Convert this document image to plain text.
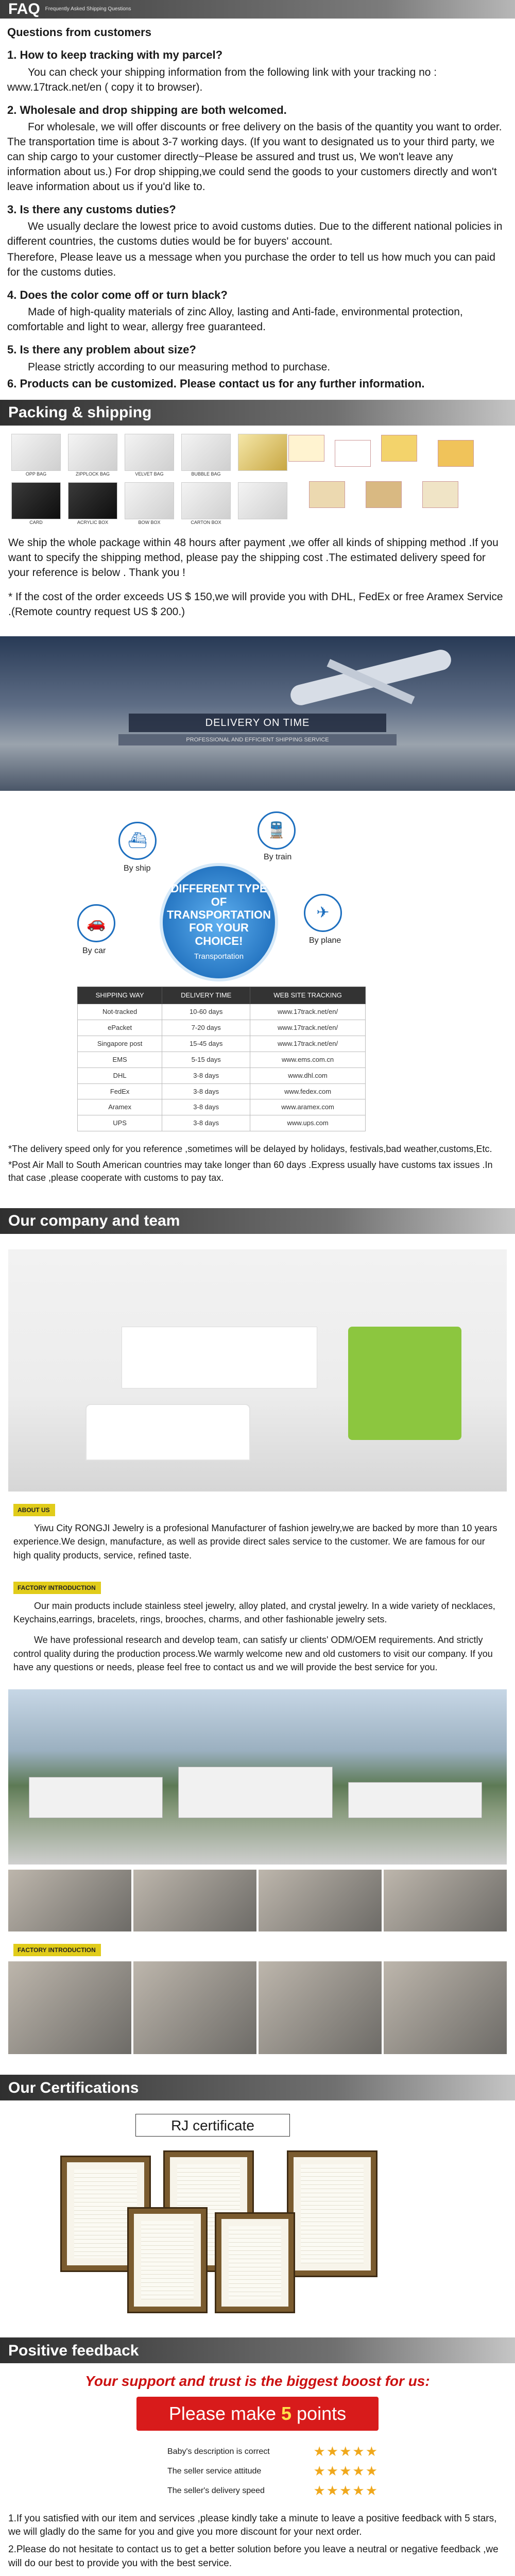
FAQ Frequently Asked Shipping Questions
Questions from customers
1. How to keep tracking with my parcel?

You can check your shipping information from the following link with your tracking no : www.17track.net/en ( copy it to browser).

2. Wholesale and drop shipping are both welcomed.

For wholesale, we will offer discounts or free delivery on the basis of the quantity you want to order. The transportation time is about 3-7 working days. (If you want to designated us to your third party, we can ship cargo to your customer directly~Please be assured and trust us, We won't leave any information about us.) For drop shipping,we could send the goods to your customers directly and won't leave information about us if you'd like to.

3. Is there any customs duties?

We usually declare the lowest price to avoid customs duties. Due to the different national policies in different countries, the customs duties would be for buyers' account.

Therefore, Please leave us a message when you purchase the order to tell us how much you can paid for the customs duties.

4. Does the color come off or turn black?

Made of high-quality materials of zinc Alloy, lasting and Anti-fade, environmental protection, comfortable and light to wear, allergy free guaranteed.

5. Is there any problem about size?

Please strictly according to our measuring method to purchase.

6. Products can be customized. Please contact us for any further information.
Packing & shipping
OPP BAG	ZIPPLOCK BAG	VELVET BAG	BUBBLE BAG
CARD	ACRYLIC BOX	BOW BOX	CARTON BOX

We ship the whole package within 48 hours after payment ,we offer all kinds of shipping method .If you want to specify the shipping method, please pay the shipping cost .The estimated delivery speed for your reference is below . Thank you !

* If the cost of the order exceeds US $ 150,we will provide you with DHL, FedEx or free Aramex Service .(Remote country request US $ 200.)

DELIVERY ON TIME
PROFESSIONAL AND EFFICIENT SHIPPING SERVICE
⛴
By ship
🚆
By train
✈
By plane
🚗
By car
DIFFERENT TYPE OF TRANSPORTATION FOR YOUR CHOICE!
Transportation
SHIPPING WAY	DELIVERY TIME	WEB SITE TRACKING
Not-tracked	10-60 days	www.17track.net/en/
ePacket	7-20 days	www.17track.net/en/
Singapore post	15-45 days	www.17track.net/en/
EMS	5-15 days	www.ems.com.cn
DHL	3-8 days	www.dhl.com
FedEx	3-8 days	www.fedex.com
Aramex	3-8 days	www.aramex.com
UPS	3-8 days	www.ups.com

*The delivery speed only for you reference ,sometimes will be delayed by holidays, festivals,bad weather,customs,Etc.

*Post Air Mall to South American countries may take longer than 60 days .Express usually have customs tax issues .In that case ,please cooperate with customs to pay tax.

Our company and team
ABOUT US

Yiwu City RONGJI Jewelry is a profesional Manufacturer of fashion jewelry,we are backed by more than 10 years experience.We design, manufacture, as well as provide direct sales service to the customer. We are famous for our high quality products, service, refined taste.

FACTORY INTRODUCTION

Our main products include stainless steel jewelry, alloy plated, and crystal jewelry. In a wide variety of necklaces, Keychains,earrings, bracelets, rings, brooches, charms, and other fashionable jewelry sets.

We have professional research and develop team, can satisfy ur clients' ODM/OEM requirements. And strictly control quality during the production process.We warmly welcome new and old customers to visit our company. If you have any questions or needs, please feel free to contact us and we will provide the best service for you.

FACTORY INTRODUCTION
Our Certifications
RJ certificate
Positive feedback
Your support and trust is the biggest boost for us:
Please make 5 points
Baby's description is correct	★★★★★
The seller service attitude	★★★★★
The seller's delivery speed	★★★★★

1.If you satisfied with our item and services ,please kindly take a minute to leave a positive feedback with 5 stars, we will gladly do the same for you and give you more discount for your next order.

2.Please do not hesitate to contact us to get a better solution before you leave a neutral or negative feedback ,we will do our best to provide you with the best service.
